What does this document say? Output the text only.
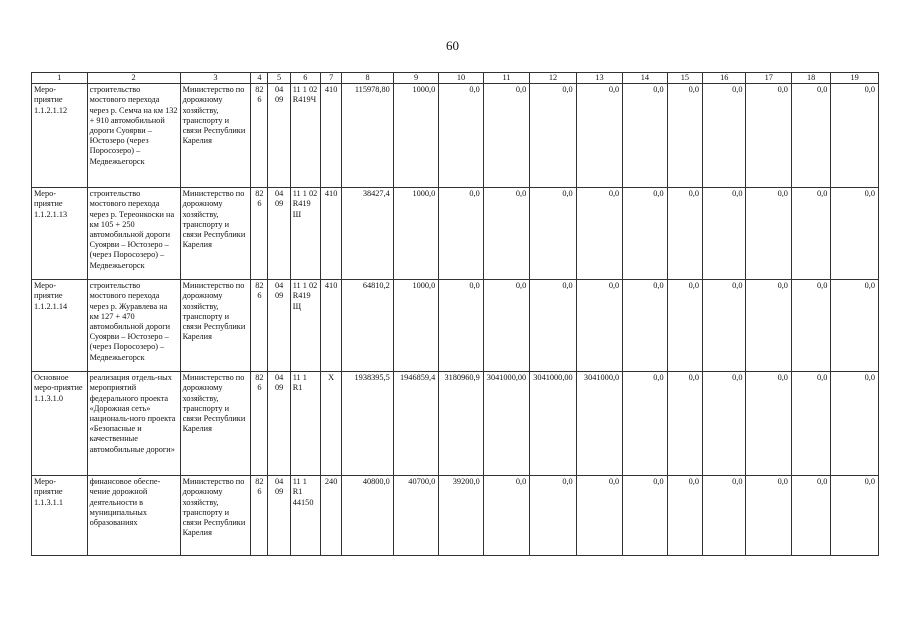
60
1	2	3	4	5	6	7	8	9	10	11	12	13	14	15	16	17	18	19
Меро-приятие 1.1.2.1.12	строительство мостового перехода через р. Семча на км 132 + 910 автомобильной дороги Суоярви – Юстозеро (через Поросозеро) – Медвежьегорск	Министерство по дорожному хозяйству, транспорту и связи Республики Карелия	826	04 09	11 1 02 R419Ч	410	115978,80	1000,0	0,0	0,0	0,0	0,0	0,0	0,0	0,0	0,0	0,0	0,0
Меро-приятие 1.1.2.1.13	строительство мостового перехода через р. Тереонкоски на км 105 + 250 автомобильной дороги Суоярви – Юстозеро – (через Поросозеро) – Медвежьегорск	Министерство по дорожному хозяйству, транспорту и связи Республики Карелия	826	04 09	11 1 02 R419Ш	410	38427,4	1000,0	0,0	0,0	0,0	0,0	0,0	0,0	0,0	0,0	0,0	0,0
Меро-приятие 1.1.2.1.14	строительство мостового перехода через р. Журавлева на км 127 + 470 автомобильной дороги Суоярви – Юстозеро – (через Поросозеро) – Медвежьегорск	Министерство по дорожному хозяйству, транспорту и связи Республики Карелия	826	04 09	11 1 02 R419Щ	410	64810,2	1000,0	0,0	0,0	0,0	0,0	0,0	0,0	0,0	0,0	0,0	0,0
Основное меро-приятие 1.1.3.1.0	реализация отдель-ных мероприятий федерального проекта «Дорожная сеть» националь-ного проекта «Безопасные и качественные автомобильные дороги»	Министерство по дорожному хозяйству, транспорту и связи Республики Карелия	826	04 09	11 1 R1	X	1938395,5	1946859,4	3180960,9	3041000,00	3041000,00	3041000,0	0,0	0,0	0,0	0,0	0,0	0,0
Меро-приятие 1.1.3.1.1	финансовое обеспе-чение дорожной деятельности в муниципальных образованиях	Министерство по дорожному хозяйству, транспорту и связи Республики Карелия	826	04 09	11 1 R1 44150	240	40800,0	40700,0	39200,0	0,0	0,0	0,0	0,0	0,0	0,0	0,0	0,0	0,0
